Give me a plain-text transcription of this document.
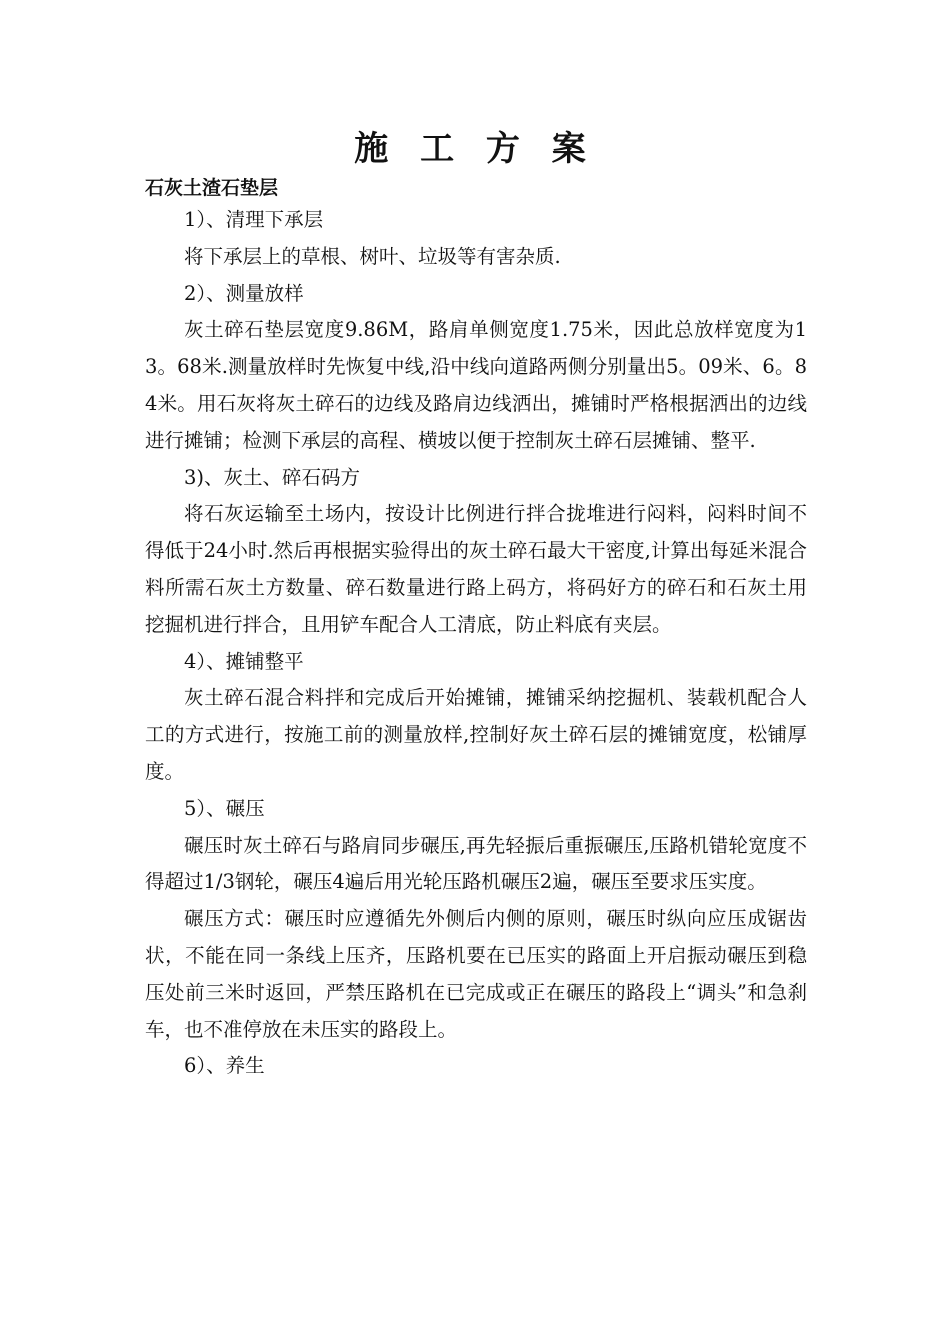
施 工 方 案
石灰土渣石垫层

1）、清理下承层

将下承层上的草根、树叶、垃圾等有害杂质.

2）、测量放样

灰土碎石垫层宽度9.86M，路肩单侧宽度1.75米，因此总放样宽度为13。68米.测量放样时先恢复中线,沿中线向道路两侧分别量出5。09米、6。84米。用石灰将灰土碎石的边线及路肩边线洒出，摊铺时严格根据洒出的边线进行摊铺；检测下承层的高程、横坡以便于控制灰土碎石层摊铺、整平.

3)、灰土、碎石码方

将石灰运输至土场内，按设计比例进行拌合拢堆进行闷料，闷料时间不得低于24小时.然后再根据实验得出的灰土碎石最大干密度,计算出每延米混合料所需石灰土方数量、碎石数量进行路上码方，将码好方的碎石和石灰土用挖掘机进行拌合，且用铲车配合人工清底，防止料底有夹层。

4）、摊铺整平

灰土碎石混合料拌和完成后开始摊铺，摊铺采纳挖掘机、装载机配合人工的方式进行，按施工前的测量放样,控制好灰土碎石层的摊铺宽度，松铺厚度。

5）、碾压

碾压时灰土碎石与路肩同步碾压,再先轻振后重振碾压,压路机错轮宽度不得超过1/3钢轮，碾压4遍后用光轮压路机碾压2遍，碾压至要求压实度。

碾压方式：碾压时应遵循先外侧后内侧的原则，碾压时纵向应压成锯齿状，不能在同一条线上压齐，压路机要在已压实的路面上开启振动碾压到稳压处前三米时返回，严禁压路机在已完成或正在碾压的路段上“调头”和急刹车，也不准停放在未压实的路段上。

6）、养生
